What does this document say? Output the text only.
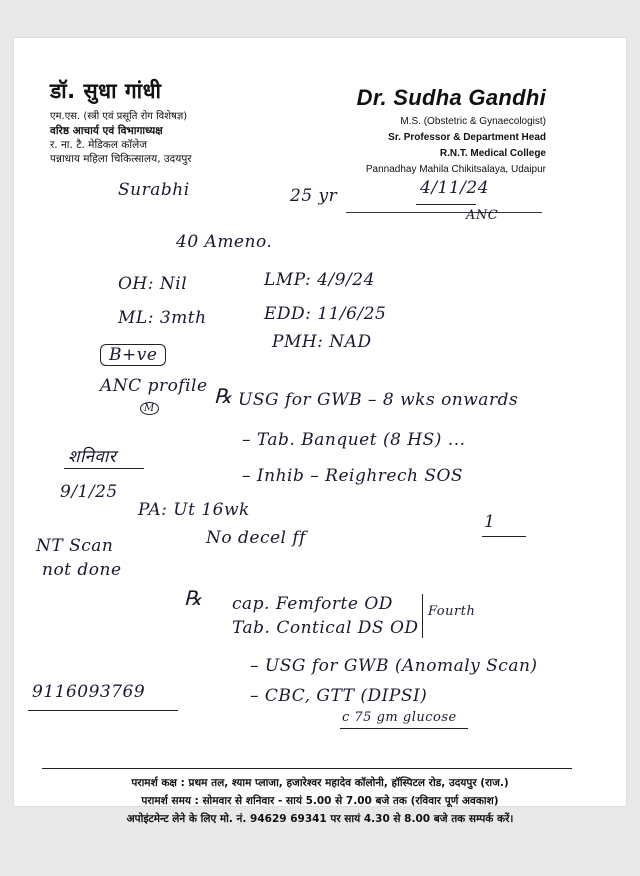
डॉ. सुधा गांधी
एम.एस. (स्त्री एवं प्रसूति रोग विशेषज्ञ)
वरिष्ठ आचार्य एवं विभागाध्यक्ष
र. ना. टै. मेडिकल कॉलेज
पन्नाधाय महिला चिकित्सालय, उदयपुर
Dr. Sudha Gandhi
M.S. (Obstetric & Gynaecologist)
Sr. Professor & Department Head
R.N.T. Medical College
Pannadhay Mahila Chikitsalaya, Udaipur
Surabhi	25 yr	4/11/24
ANC
40 Ameno.
OH: Nil	LMP: 4/9/24
ML: 3mth	EDD: 11/6/25
PMH: NAD
B+ve
ANC profile
M
℞ USG for GWB – 8 wks onwards
– Tab. Banquet (8 HS) ...
– Inhib – Reighrech SOS
शनिवार
9/1/25
PA: Ut 16wk
No decel ff
1
NT Scan
not done
℞ cap. Femforte OD
Tab. Contical DS OD
Fourth
– USG for GWB (Anomaly Scan)
– CBC, GTT (DIPSI)
c 75 gm glucose
9116093769
परामर्श कक्ष : प्रथम तल, श्याम प्लाजा, हजारेश्वर महादेव कॉलोनी, हॉस्पिटल रोड, उदयपुर (राज.)
परामर्श समय : सोमवार से शनिवार - सायं 5.00 से 7.00 बजे तक (रविवार पूर्ण अवकाश)
अपोइंटमेन्ट लेने के लिए मो. नं. 94629 69341 पर सायं 4.30 से 8.00 बजे तक सम्पर्क करें।
